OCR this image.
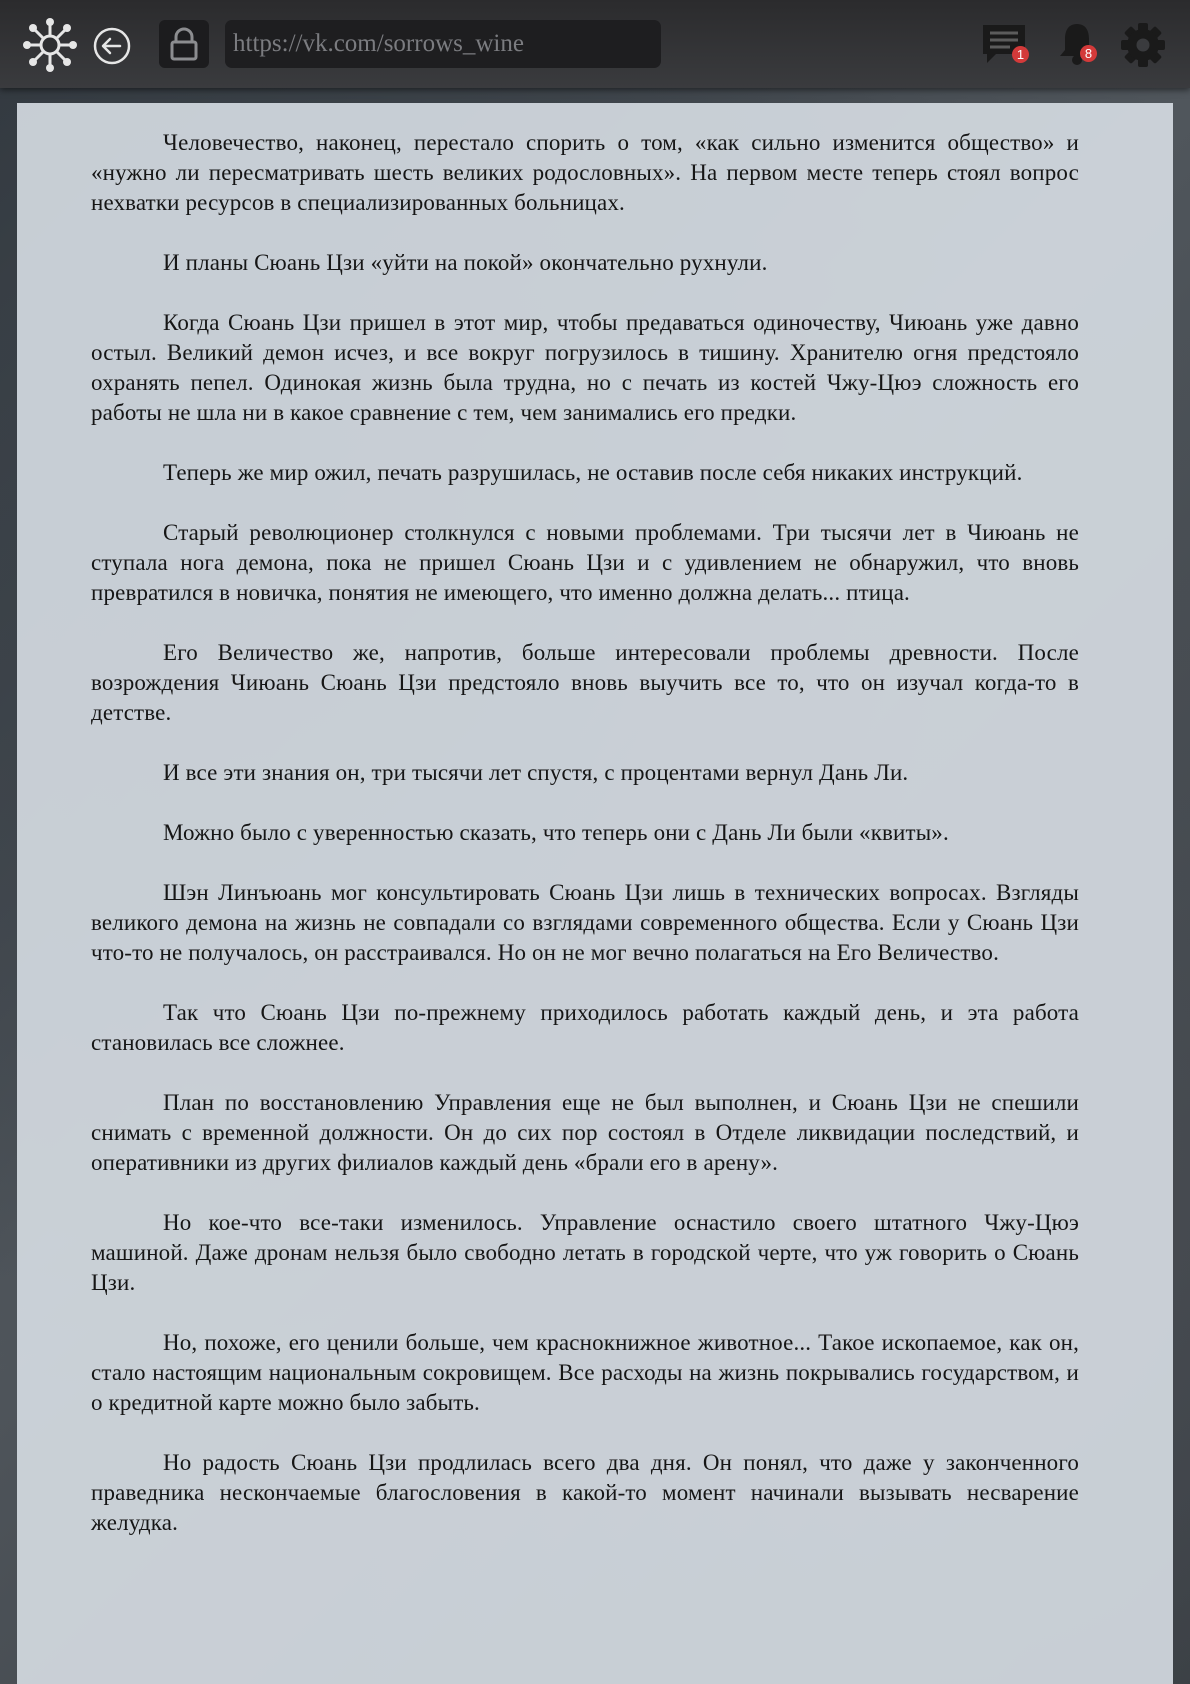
https://vk.com/sorrows_wine
1	8

Человечество, наконец, перестало спорить о том, «как сильно изменится общество» и «нужно ли пересматривать шесть великих родословных». На первом месте теперь стоял вопрос нехватки ресурсов в специализированных больницах.

И планы Сюань Цзи «уйти на покой» окончательно рухнули.

Когда Сюань Цзи пришел в этот мир, чтобы предаваться одиночеству, Чиюань уже давно остыл. Великий демон исчез, и все вокруг погрузилось в тишину. Хранителю огня предстояло охранять пепел. Одинокая жизнь была трудна, но с печать из костей Чжу-Цюэ сложность его работы не шла ни в какое сравнение с тем, чем занимались его предки.

Теперь же мир ожил, печать разрушилась, не оставив после себя никаких инструкций.

Старый революционер столкнулся с новыми проблемами. Три тысячи лет в Чиюань не ступала нога демона, пока не пришел Сюань Цзи и с удивлением не обнаружил, что вновь превратился в новичка, понятия не имеющего, что именно должна делать... птица.

Его Величество же, напротив, больше интересовали проблемы древности. После возрождения Чиюань Сюань Цзи предстояло вновь выучить все то, что он изучал когда-то в детстве.

И все эти знания он, три тысячи лет спустя, с процентами вернул Дань Ли.

Можно было с уверенностью сказать, что теперь они с Дань Ли были «квиты».

Шэн Линъюань мог консультировать Сюань Цзи лишь в технических вопросах. Взгляды великого демона на жизнь не совпадали со взглядами современного общества. Если у Сюань Цзи что-то не получалось, он расстраивался. Но он не мог вечно полагаться на Его Величество.

Так что Сюань Цзи по-прежнему приходилось работать каждый день, и эта работа становилась все сложнее.

План по восстановлению Управления еще не был выполнен, и Сюань Цзи не спешили снимать с временной должности. Он до сих пор состоял в Отделе ликвидации последствий, и оперативники из других филиалов каждый день «брали его в арену».

Но кое-что все-таки изменилось. Управление оснастило своего штатного Чжу-Цюэ машиной. Даже дронам нельзя было свободно летать в городской черте, что уж говорить о Сюань Цзи.

Но, похоже, его ценили больше, чем краснокнижное животное... Такое ископаемое, как он, стало настоящим национальным сокровищем. Все расходы на жизнь покрывались государством, и о кредитной карте можно было забыть.

Но радость Сюань Цзи продлилась всего два дня. Он понял, что даже у законченного праведника нескончаемые благословения в какой-то момент начинали вызывать несварение желудка.
